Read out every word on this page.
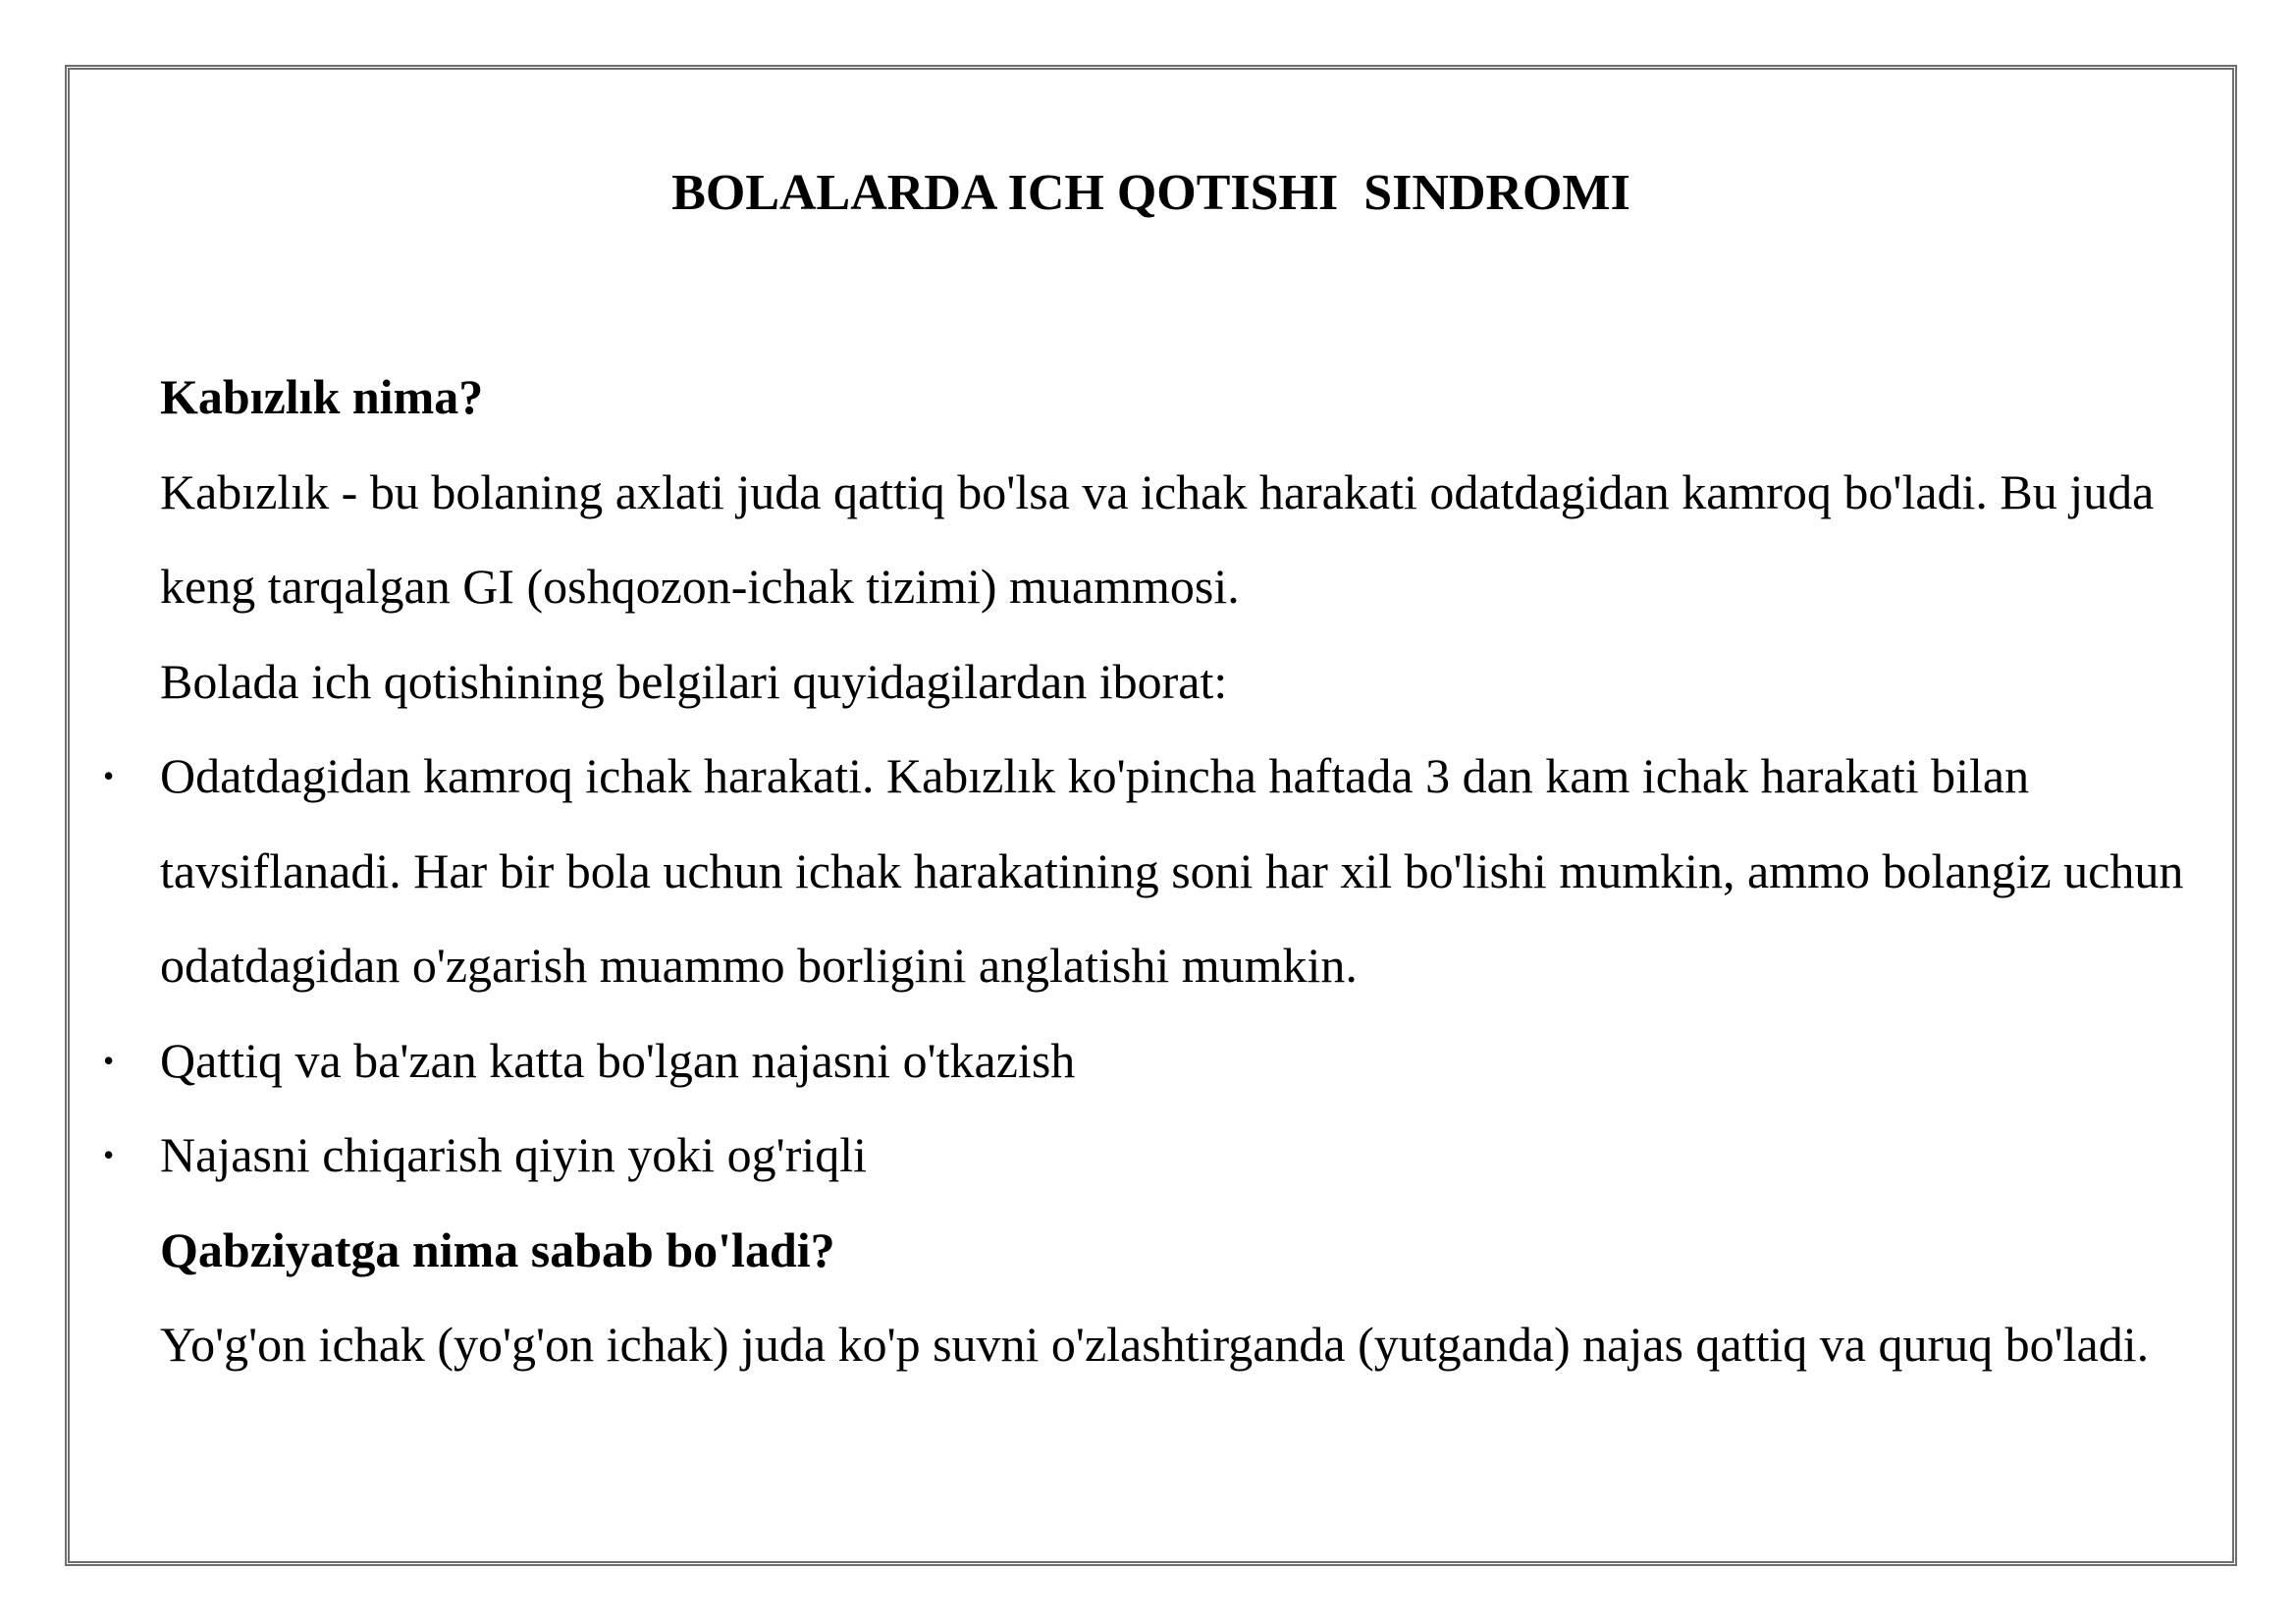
BOLALARDA ICH QOTISHI  SINDROMI
Kabızlık nima?

Kabızlık - bu bolaning axlati juda qattiq bo'lsa va ichak harakati odatdagidan kamroq bo'ladi. Bu juda keng tarqalgan GI (oshqozon-ichak tizimi) muammosi.

Bolada ich qotishining belgilari quyidagilardan iborat:

• Odatdagidan kamroq ichak harakati. Kabızlık ko'pincha haftada 3 dan kam ichak harakati bilan tavsiflanadi. Har bir bola uchun ichak harakatining soni har xil bo'lishi mumkin, ammo bolangiz uchun odatdagidan o'zgarish muammo borligini anglatishi mumkin.
• Qattiq va ba'zan katta bo'lgan najasni o'tkazish
• Najasni chiqarish qiyin yoki og'riqli
Qabziyatga nima sabab bo'ladi?

Yo'g'on ichak (yo'g'on ichak) juda ko'p suvni o'zlashtirganda (yutganda) najas qattiq va quruq bo'ladi.
